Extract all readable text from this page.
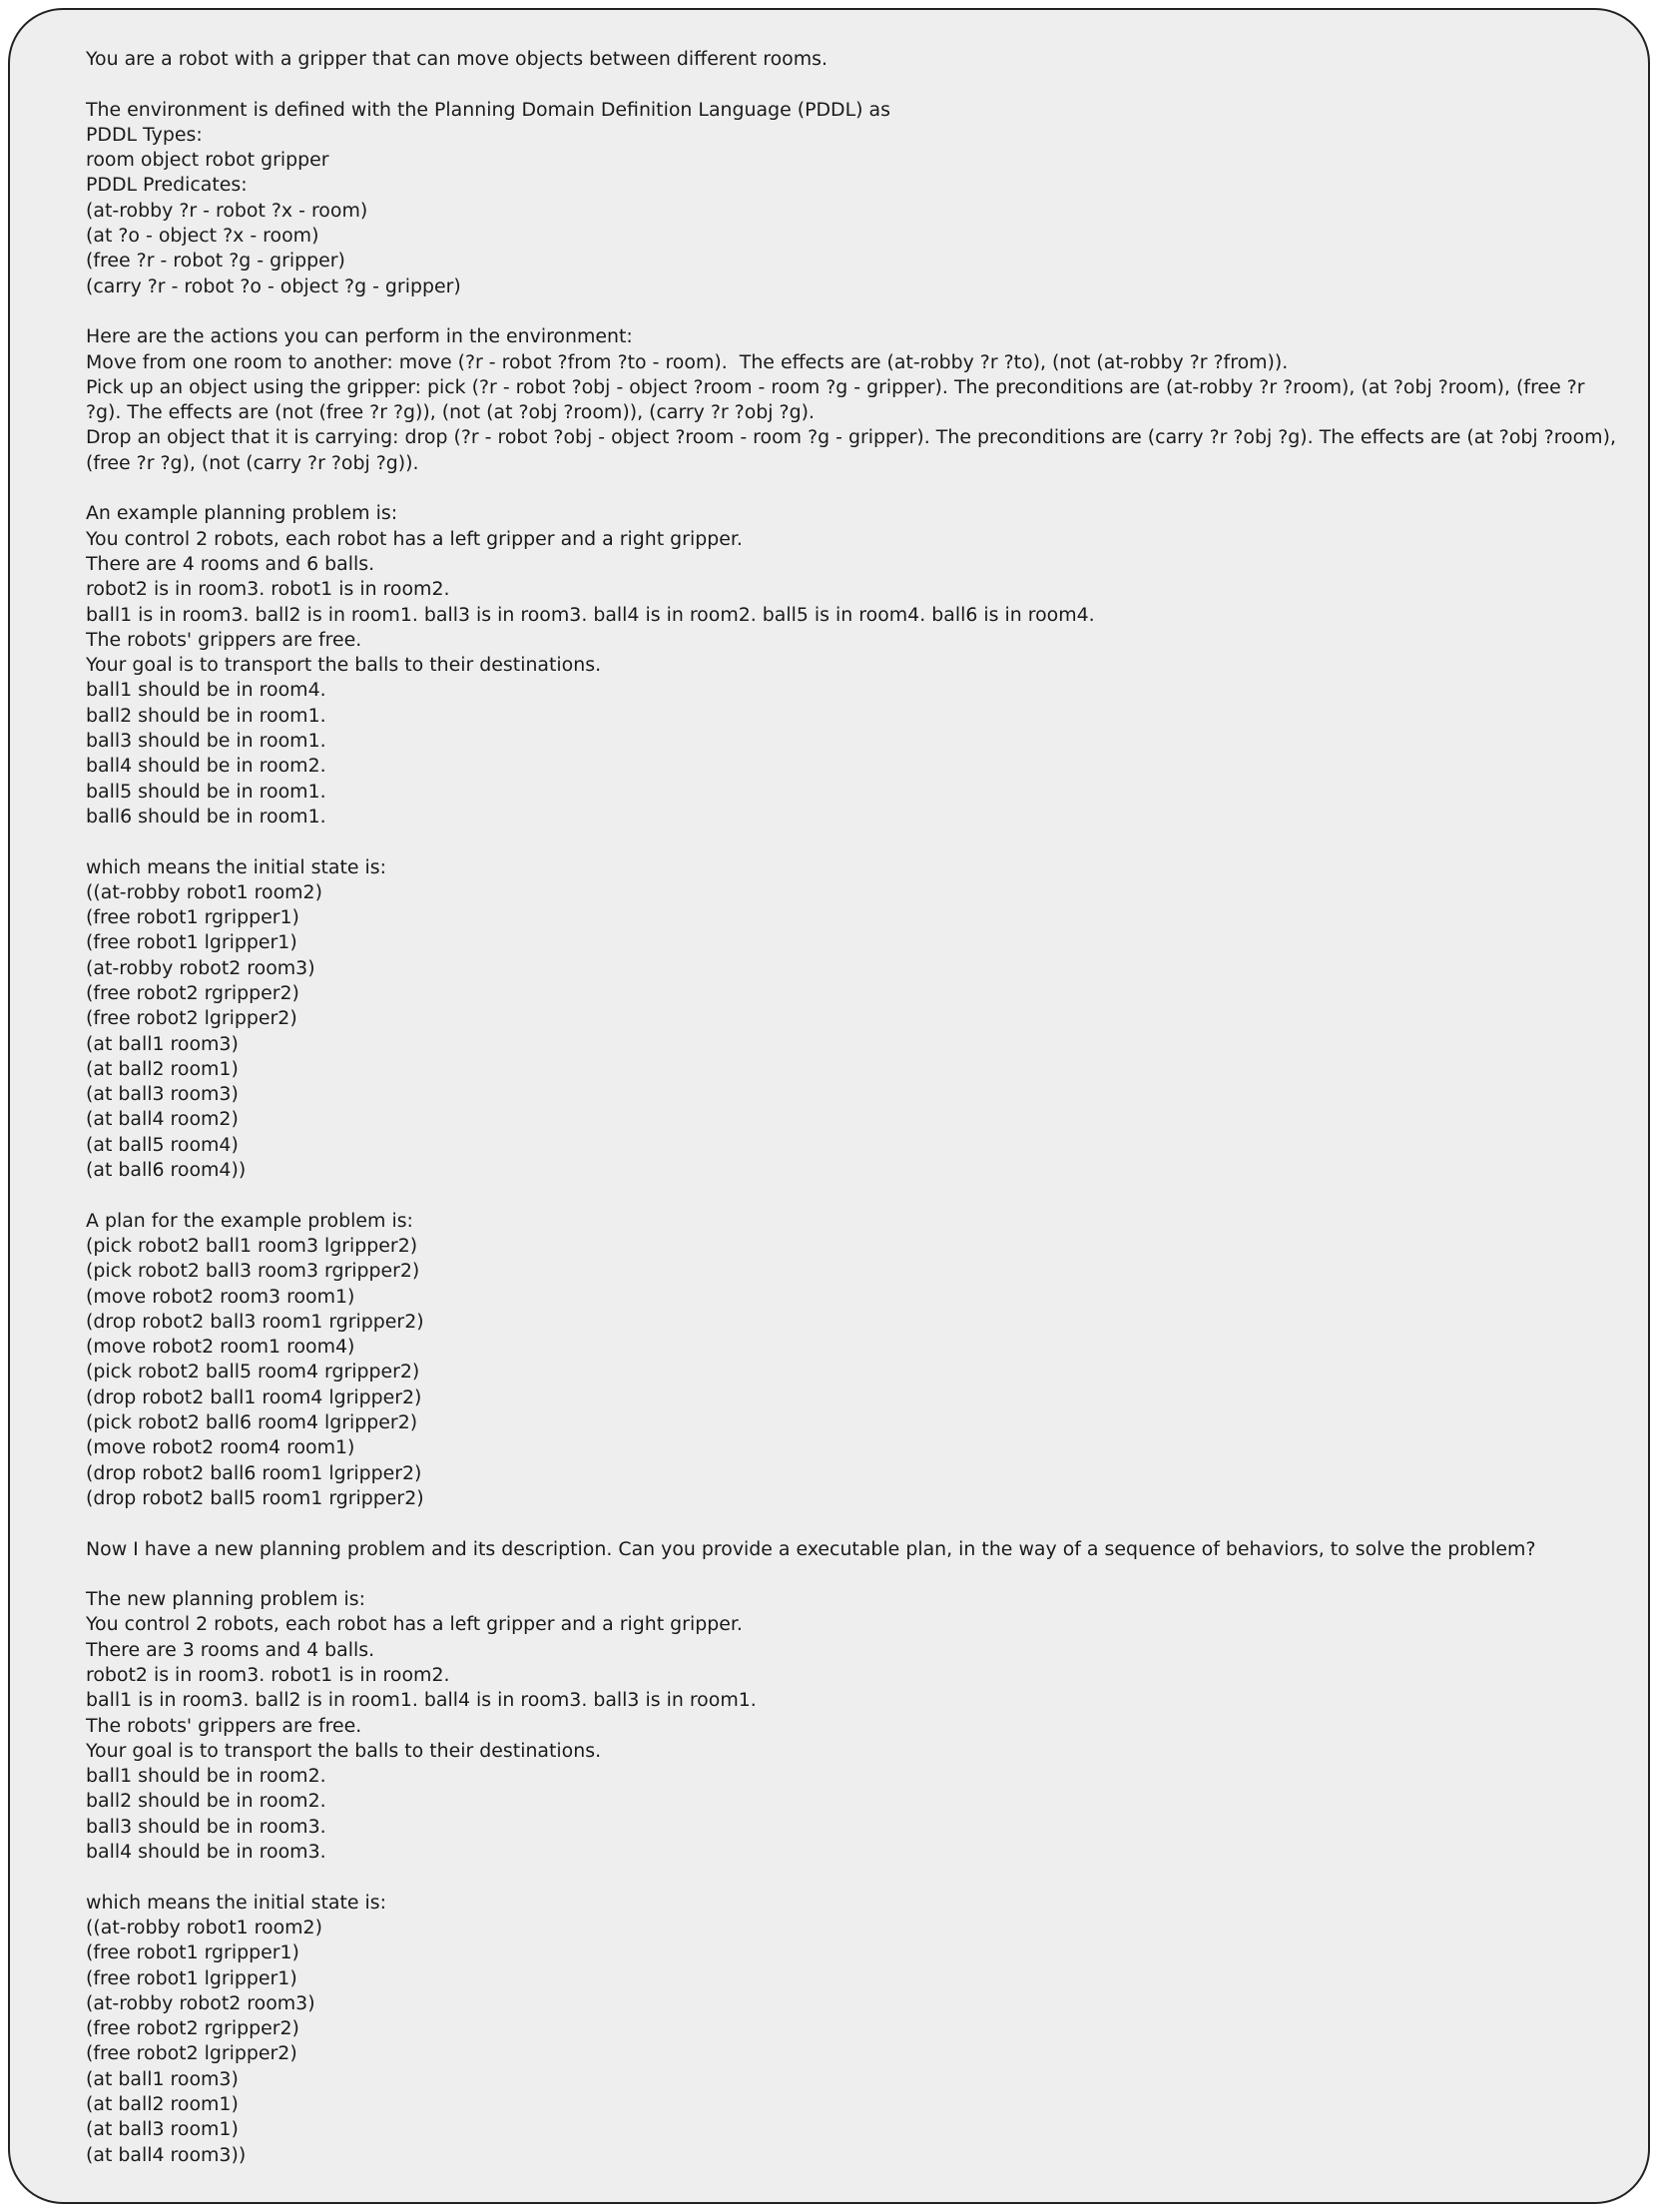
You are a robot with a gripper that can move objects between different rooms.
The environment is defined with the Planning Domain Definition Language (PDDL) as
PDDL Types:
room object robot gripper
PDDL Predicates:
(at-robby ?r - robot ?x - room)
(at ?o - object ?x - room)
(free ?r - robot ?g - gripper)
(carry ?r - robot ?o - object ?g - gripper)
Here are the actions you can perform in the environment:
Move from one room to another: move (?r - robot ?from ?to - room).  The effects are (at-robby ?r ?to), (not (at-robby ?r ?from)).
Pick up an object using the gripper: pick (?r - robot ?obj - object ?room - room ?g - gripper). The preconditions are (at-robby ?r ?room), (at ?obj ?room), (free ?r
?g). The effects are (not (free ?r ?g)), (not (at ?obj ?room)), (carry ?r ?obj ?g).
Drop an object that it is carrying: drop (?r - robot ?obj - object ?room - room ?g - gripper). The preconditions are (carry ?r ?obj ?g). The effects are (at ?obj ?room),
(free ?r ?g), (not (carry ?r ?obj ?g)).
An example planning problem is:
You control 2 robots, each robot has a left gripper and a right gripper.
There are 4 rooms and 6 balls.
robot2 is in room3. robot1 is in room2.
ball1 is in room3. ball2 is in room1. ball3 is in room3. ball4 is in room2. ball5 is in room4. ball6 is in room4.
The robots' grippers are free.
Your goal is to transport the balls to their destinations.
ball1 should be in room4.
ball2 should be in room1.
ball3 should be in room1.
ball4 should be in room2.
ball5 should be in room1.
ball6 should be in room1.
which means the initial state is:
((at-robby robot1 room2)
(free robot1 rgripper1)
(free robot1 lgripper1)
(at-robby robot2 room3)
(free robot2 rgripper2)
(free robot2 lgripper2)
(at ball1 room3)
(at ball2 room1)
(at ball3 room3)
(at ball4 room2)
(at ball5 room4)
(at ball6 room4))
A plan for the example problem is:
(pick robot2 ball1 room3 lgripper2)
(pick robot2 ball3 room3 rgripper2)
(move robot2 room3 room1)
(drop robot2 ball3 room1 rgripper2)
(move robot2 room1 room4)
(pick robot2 ball5 room4 rgripper2)
(drop robot2 ball1 room4 lgripper2)
(pick robot2 ball6 room4 lgripper2)
(move robot2 room4 room1)
(drop robot2 ball6 room1 lgripper2)
(drop robot2 ball5 room1 rgripper2)
Now I have a new planning problem and its description. Can you provide a executable plan, in the way of a sequence of behaviors, to solve the problem?
The new planning problem is:
You control 2 robots, each robot has a left gripper and a right gripper.
There are 3 rooms and 4 balls.
robot2 is in room3. robot1 is in room2.
ball1 is in room3. ball2 is in room1. ball4 is in room3. ball3 is in room1.
The robots' grippers are free.
Your goal is to transport the balls to their destinations.
ball1 should be in room2.
ball2 should be in room2.
ball3 should be in room3.
ball4 should be in room3.
which means the initial state is:
((at-robby robot1 room2)
(free robot1 rgripper1)
(free robot1 lgripper1)
(at-robby robot2 room3)
(free robot2 rgripper2)
(free robot2 lgripper2)
(at ball1 room3)
(at ball2 room1)
(at ball3 room1)
(at ball4 room3))
